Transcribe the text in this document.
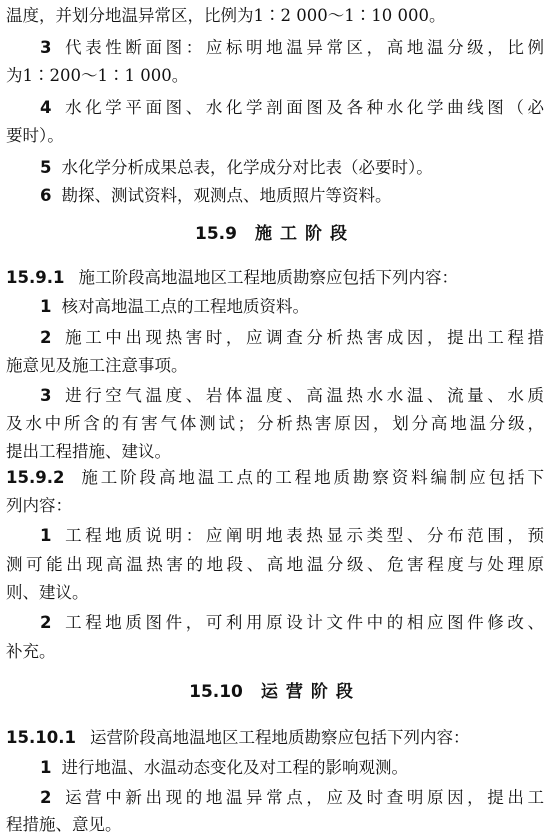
温度，并划分地温异常区，比例为1∶2 000～1∶10 000。
3 代表性断面图：应标明地温异常区，高地温分级，比例
为1∶200～1∶1 000。
4 水化学平面图、水化学剖面图及各种水化学曲线图（必
要时）。
5 水化学分析成果总表，化学成分对比表（必要时）。
6 勘探、测试资料，观测点、地质照片等资料。
15.9 施工阶段
15.9.1 施工阶段高地温地区工程地质勘察应包括下列内容：
1 核对高地温工点的工程地质资料。
2 施工中出现热害时，应调查分析热害成因，提出工程措
施意见及施工注意事项。
3 进行空气温度、岩体温度、高温热水水温、流量、水质
及水中所含的有害气体测试；分析热害原因，划分高地温分级，
提出工程措施、建议。
15.9.2 施工阶段高地温工点的工程地质勘察资料编制应包括下
列内容：
1 工程地质说明：应阐明地表热显示类型、分布范围，预
测可能出现高温热害的地段、高地温分级、危害程度与处理原
则、建议。
2 工程地质图件，可利用原设计文件中的相应图件修改、
补充。
15.10 运营阶段
15.10.1 运营阶段高地温地区工程地质勘察应包括下列内容：
1 进行地温、水温动态变化及对工程的影响观测。
2 运营中新出现的地温异常点，应及时查明原因，提出工
程措施、意见。
